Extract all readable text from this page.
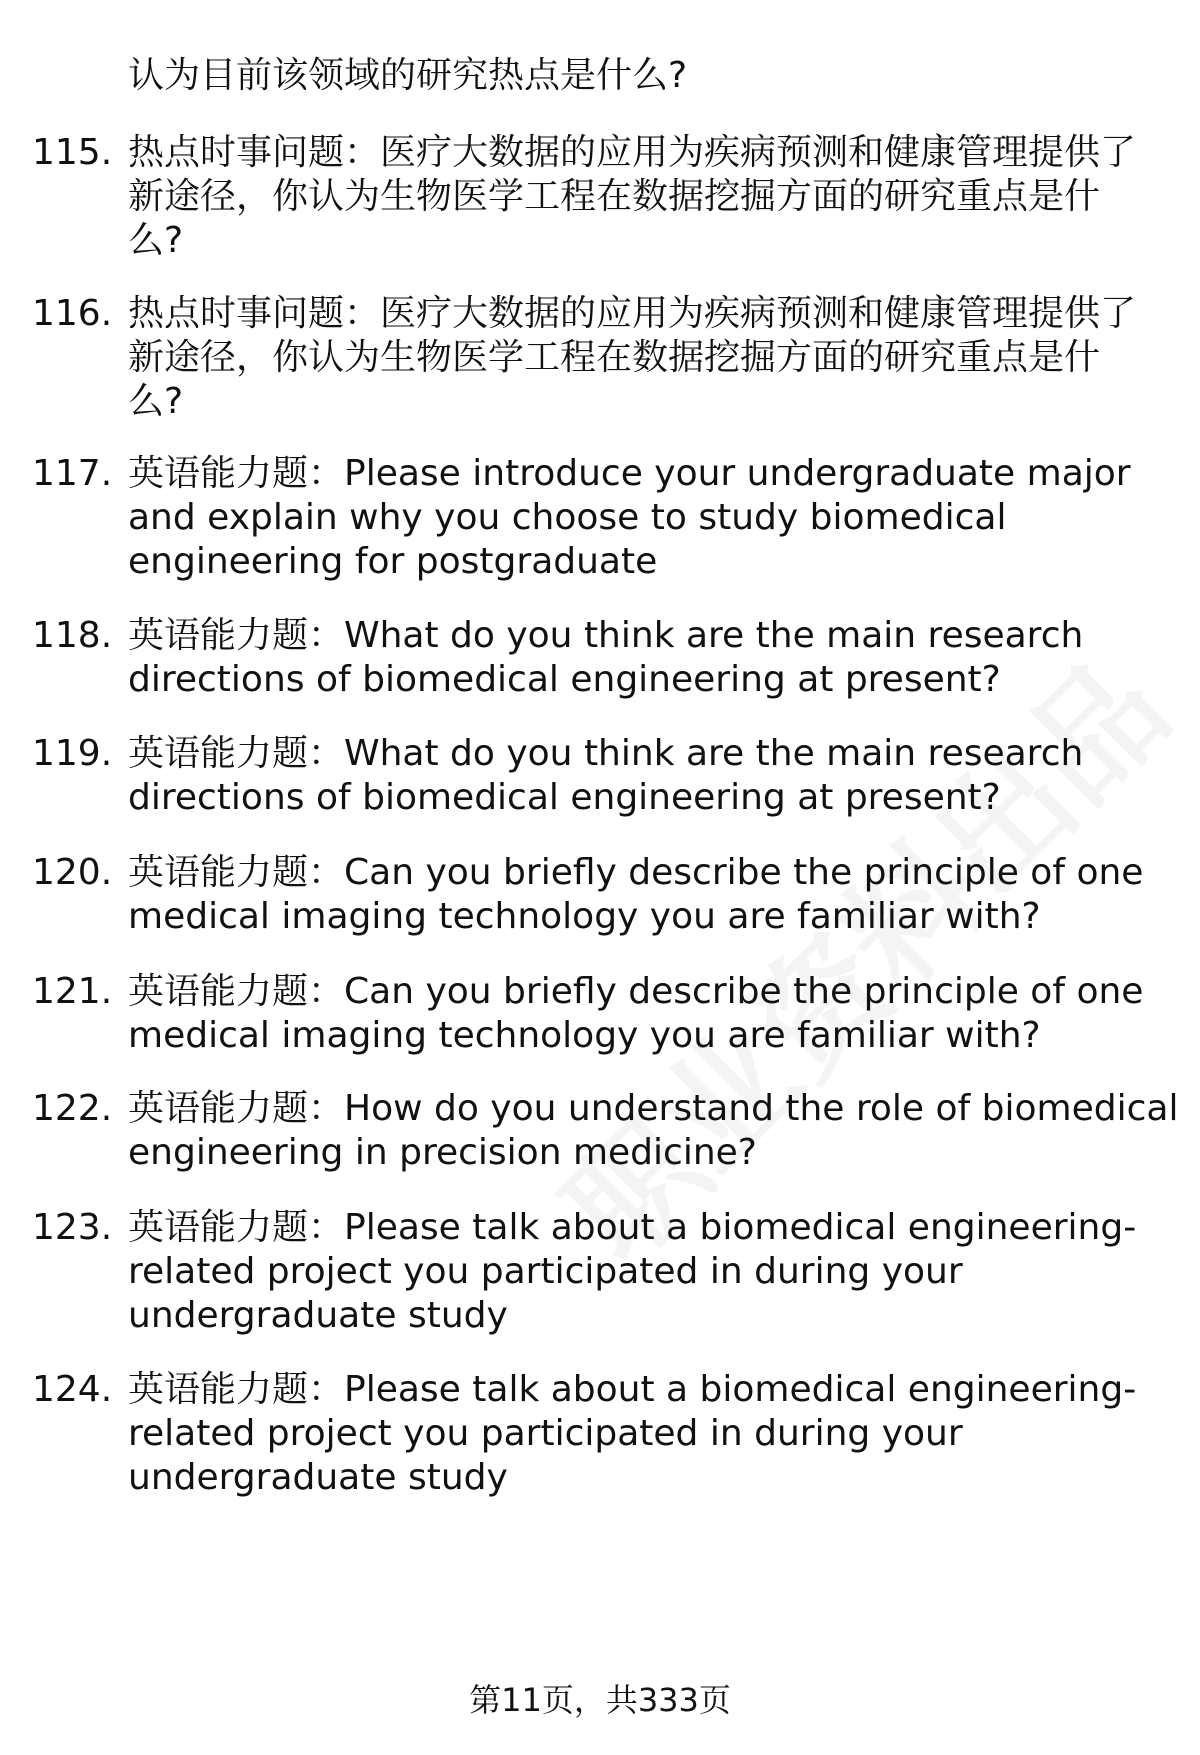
认为目前该领域的研究热点是什么?
115. 热点时事问题：医疗大数据的应用为疾病预测和健康管理提供了
新途径，你认为生物医学工程在数据挖掘方面的研究重点是什
么?
116. 热点时事问题：医疗大数据的应用为疾病预测和健康管理提供了
新途径，你认为生物医学工程在数据挖掘方面的研究重点是什
么?
117. 英语能力题：Please introduce your undergraduate major
and explain why you choose to study biomedical
engineering for postgraduate
118. 英语能力题：What do you think are the main research
directions of biomedical engineering at present?
119. 英语能力题：What do you think are the main research
directions of biomedical engineering at present?
120. 英语能力题：Can you briefly describe the principle of one
medical imaging technology you are familiar with?
121. 英语能力题：Can you briefly describe the principle of one
medical imaging technology you are familiar with?
122. 英语能力题：How do you understand the role of biomedical
engineering in precision medicine?
123. 英语能力题：Please talk about a biomedical engineering-
related project you participated in during your
undergraduate study
124. 英语能力题：Please talk about a biomedical engineering-
related project you participated in during your
undergraduate study
第11页，共333页
